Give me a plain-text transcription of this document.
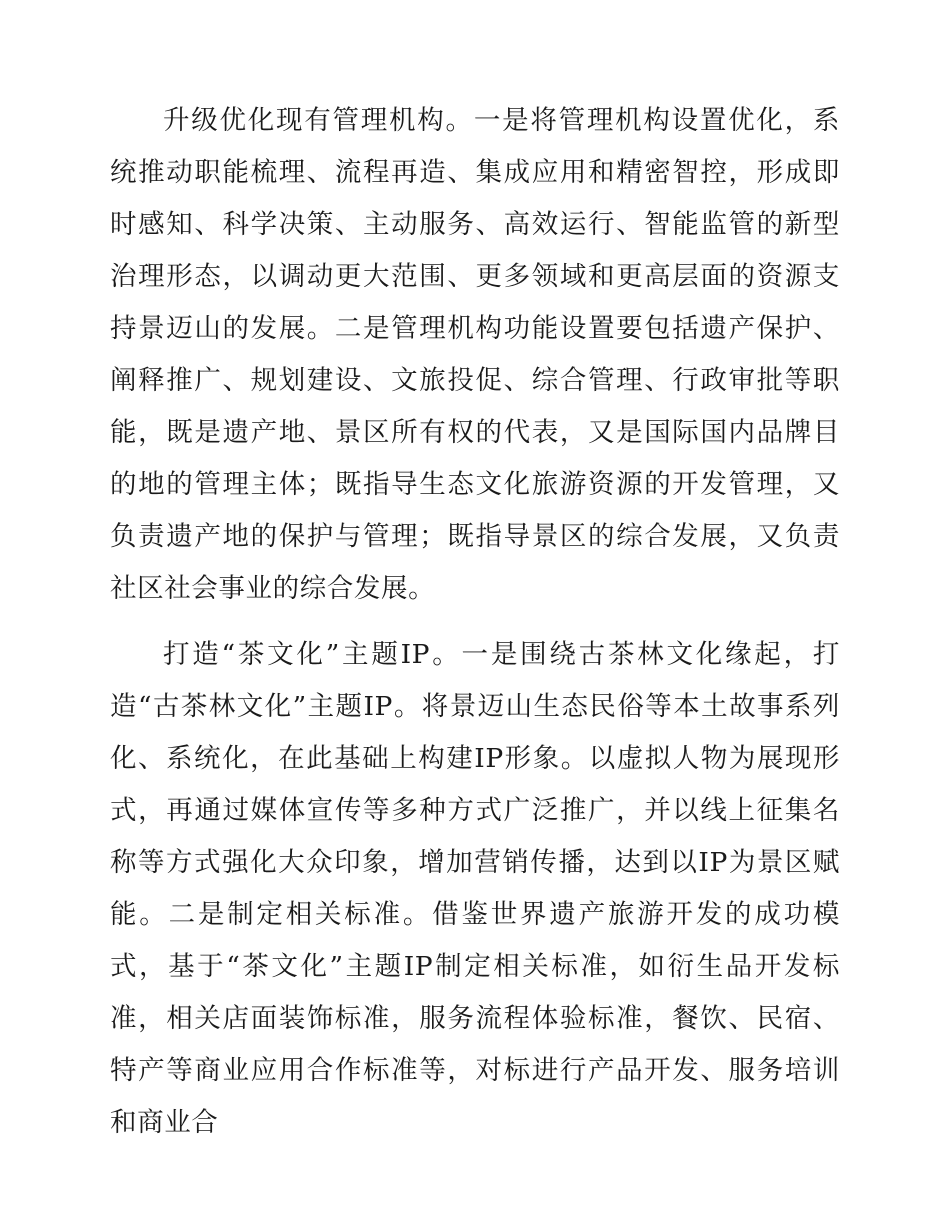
升级优化现有管理机构。一是将管理机构设置优化，系统推动职能梳理、流程再造、集成应用和精密智控，形成即时感知、科学决策、主动服务、高效运行、智能监管的新型治理形态，以调动更大范围、更多领域和更高层面的资源支持景迈山的发展。二是管理机构功能设置要包括遗产保护、阐释推广、规划建设、文旅投促、综合管理、行政审批等职能，既是遗产地、景区所有权的代表，又是国际国内品牌目的地的管理主体；既指导生态文化旅游资源的开发管理，又负责遗产地的保护与管理；既指导景区的综合发展，又负责社区社会事业的综合发展。

打造“茶文化”主题IP。一是围绕古茶林文化缘起，打造“古茶林文化”主题IP。将景迈山生态民俗等本土故事系列化、系统化，在此基础上构建IP形象。以虚拟人物为展现形式，再通过媒体宣传等多种方式广泛推广，并以线上征集名称等方式强化大众印象，增加营销传播，达到以IP为景区赋能。二是制定相关标准。借鉴世界遗产旅游开发的成功模式，基于“茶文化”主题IP制定相关标准，如衍生品开发标准，相关店面装饰标准，服务流程体验标准，餐饮、民宿、特产等商业应用合作标准等，对标进行产品开发、服务培训和商业合
